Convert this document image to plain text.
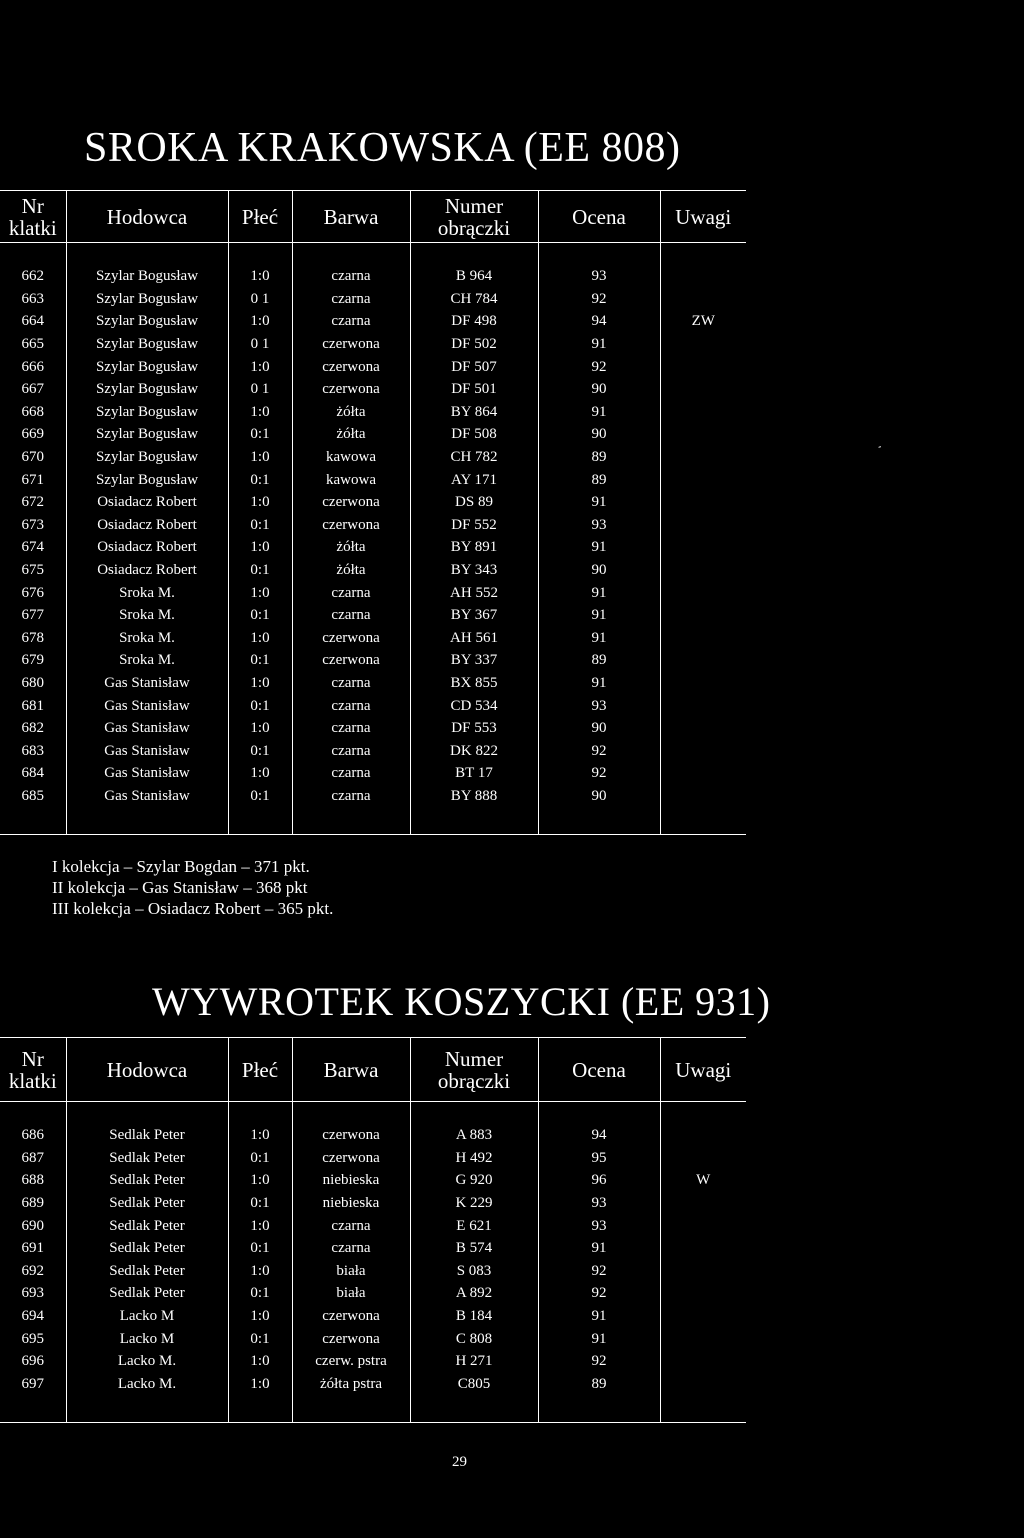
SROKA KRAKOWSKA (EE 808)
Nr klatki	Hodowca	Płeć	Barwa	Numer obrączki	Ocena	Uwagi

662	Szylar Bogusław	1:0	czarna	B 964	93	
663	Szylar Bogusław	0 1	czarna	CH 784	92	
664	Szylar Bogusław	1:0	czarna	DF 498	94	ZW
665	Szylar Bogusław	0 1	czerwona	DF 502	91	
666	Szylar Bogusław	1:0	czerwona	DF 507	92	
667	Szylar Bogusław	0 1	czerwona	DF 501	90	
668	Szylar Bogusław	1:0	żółta	BY 864	91	
669	Szylar Bogusław	0:1	żółta	DF 508	90	
670	Szylar Bogusław	1:0	kawowa	CH 782	89	
671	Szylar Bogusław	0:1	kawowa	AY 171	89	
672	Osiadacz Robert	1:0	czerwona	DS 89	91	
673	Osiadacz Robert	0:1	czerwona	DF 552	93	
674	Osiadacz Robert	1:0	żółta	BY 891	91	
675	Osiadacz Robert	0:1	żółta	BY 343	90	
676	Sroka M.	1:0	czarna	AH 552	91	
677	Sroka M.	0:1	czarna	BY 367	91	
678	Sroka M.	1:0	czerwona	AH 561	91	
679	Sroka M.	0:1	czerwona	BY 337	89	
680	Gas Stanisław	1:0	czarna	BX 855	91	
681	Gas Stanisław	0:1	czarna	CD 534	93	
682	Gas Stanisław	1:0	czarna	DF 553	90	
683	Gas Stanisław	0:1	czarna	DK 822	92	
684	Gas Stanisław	1:0	czarna	BT 17	92	
685	Gas Stanisław	0:1	czarna	BY 888	90	

I kolekcja – Szylar Bogdan – 371 pkt.
II kolekcja – Gas Stanisław – 368 pkt
III kolekcja – Osiadacz Robert – 365 pkt.
WYWROTEK KOSZYCKI (EE 931)
Nr klatki	Hodowca	Płeć	Barwa	Numer obrączki	Ocena	Uwagi

686	Sedlak Peter	1:0	czerwona	A 883	94	
687	Sedlak Peter	0:1	czerwona	H 492	95	
688	Sedlak Peter	1:0	niebieska	G 920	96	W
689	Sedlak Peter	0:1	niebieska	K 229	93	
690	Sedlak Peter	1:0	czarna	E 621	93	
691	Sedlak Peter	0:1	czarna	B 574	91	
692	Sedlak Peter	1:0	biała	S 083	92	
693	Sedlak Peter	0:1	biała	A 892	92	
694	Lacko M	1:0	czerwona	B 184	91	
695	Lacko M	0:1	czerwona	C 808	91	
696	Lacko M.	1:0	czerw. pstra	H 271	92	
697	Lacko M.	1:0	żółta pstra	C805	89	

29
